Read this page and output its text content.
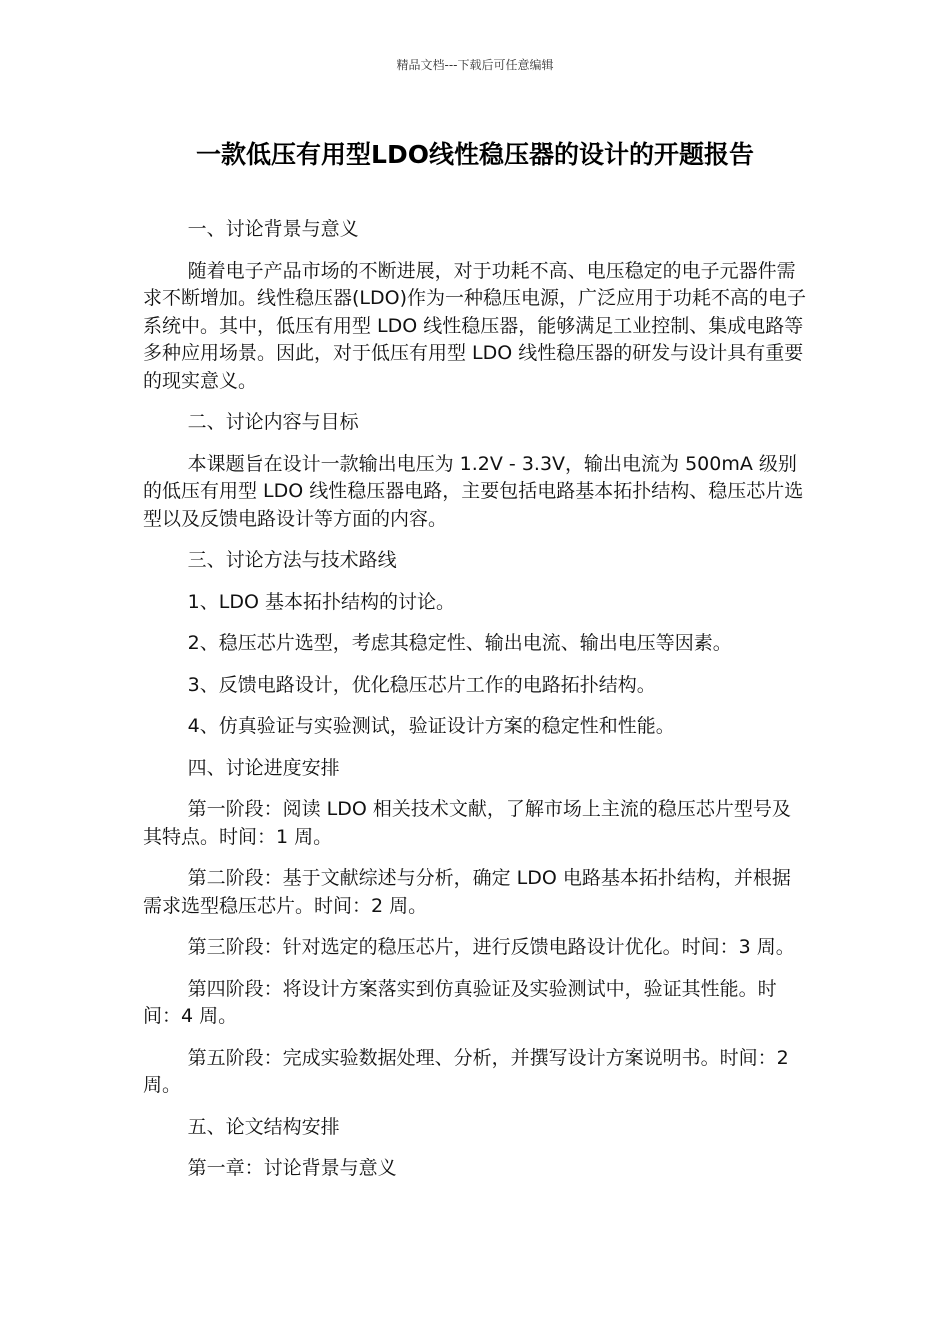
精品文档---下载后可任意编辑
一款低压有用型LDO线性稳压器的设计的开题报告

一、讨论背景与意义

随着电子产品市场的不断进展，对于功耗不高、电压稳定的电子元器件需求不断增加。线性稳压器(LDO)作为一种稳压电源，广泛应用于功耗不高的电子系统中。其中，低压有用型 LDO 线性稳压器，能够满足工业控制、集成电路等多种应用场景。因此，对于低压有用型 LDO 线性稳压器的研发与设计具有重要的现实意义。

二、讨论内容与目标

本课题旨在设计一款输出电压为 1.2V - 3.3V，输出电流为 500mA 级别的低压有用型 LDO 线性稳压器电路，主要包括电路基本拓扑结构、稳压芯片选型以及反馈电路设计等方面的内容。

三、讨论方法与技术路线

1、LDO 基本拓扑结构的讨论。

2、稳压芯片选型，考虑其稳定性、输出电流、输出电压等因素。

3、反馈电路设计，优化稳压芯片工作的电路拓扑结构。

4、仿真验证与实验测试，验证设计方案的稳定性和性能。

四、讨论进度安排

第一阶段：阅读 LDO 相关技术文献，了解市场上主流的稳压芯片型号及其特点。时间：1 周。

第二阶段：基于文献综述与分析，确定 LDO 电路基本拓扑结构，并根据需求选型稳压芯片。时间：2 周。

第三阶段：针对选定的稳压芯片，进行反馈电路设计优化。时间：3 周。

第四阶段：将设计方案落实到仿真验证及实验测试中，验证其性能。时间：4 周。

第五阶段：完成实验数据处理、分析，并撰写设计方案说明书。时间：2 周。

五、论文结构安排

第一章：讨论背景与意义
